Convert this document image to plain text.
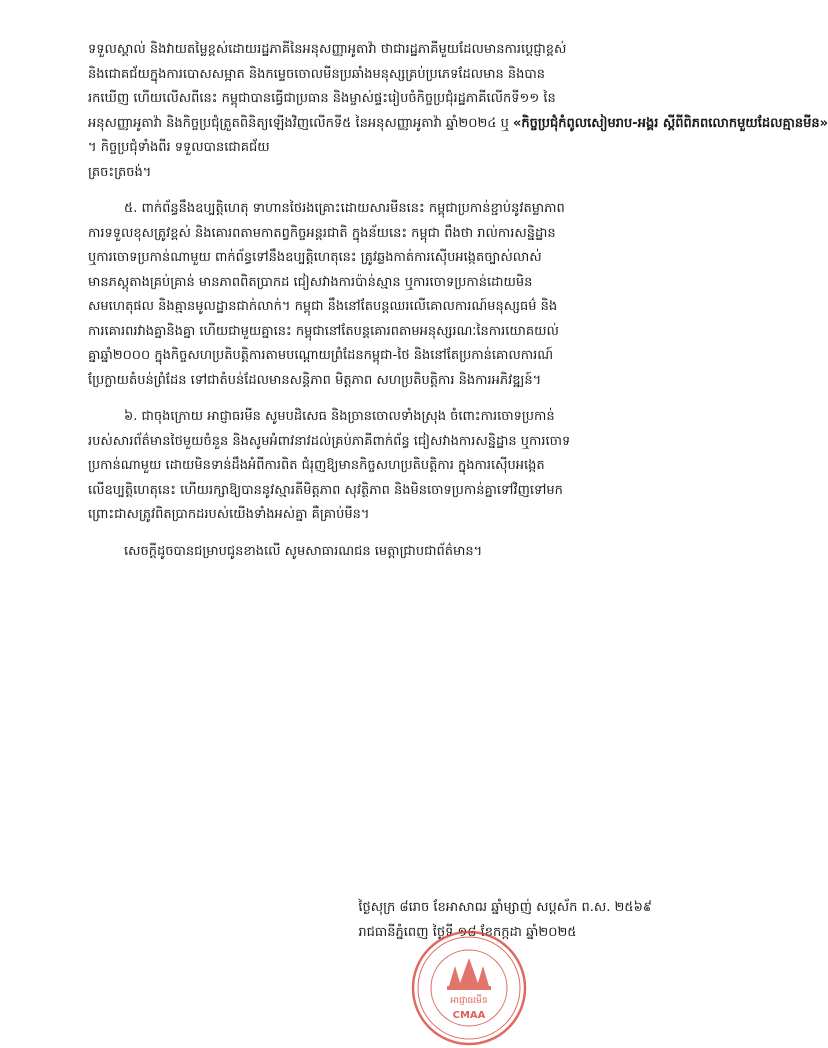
ទទួលស្គាល់ និងវាយតម្លៃខ្ពស់ដោយរដ្ឋភាគីនៃអនុសញ្ញាអូតាវ៉ា ថាជារដ្ឋភាគីមួយដែលមានការប្តេជ្ញាខ្ពស់
និងជោគជ័យក្នុងការបោសសម្អាត និងកម្ទេចចោលមីនប្រឆាំងមនុស្សគ្រប់ប្រភេទដែលមាន និងបាន
រកឃើញ ហើយលើសពីនេះ កម្ពុជាបានធ្វើជាប្រធាន និងម្ចាស់ផ្ទះរៀបចំកិច្ចប្រជុំរដ្ឋភាគីលើកទី១១ នៃ
អនុសញ្ញាអូតាវ៉ា និងកិច្ចប្រជុំត្រួតពិនិត្យឡើងវិញលើកទី៥ នៃអនុសញ្ញាអូតាវ៉ា ឆ្នាំ២០២៤ ឬ «កិច្ចប្រជុំកំពូលសៀមរាប-អង្គរ ស្តីពីពិភពលោកមួយដែលគ្មានមីន»
។ កិច្ចប្រជុំទាំងពីរ ទទួលបានជោគជ័យ
ត្រចះត្រចង់។
៥. ពាក់ព័ន្ធនឹងឧប្បត្តិហេតុ ទាហានថៃរងគ្រោះដោយសារមីននេះ កម្ពុជាប្រកាន់ខ្ជាប់នូវតម្លាភាព
ការទទួលខុសត្រូវខ្ពស់ និងគោរពតាមកាតព្វកិច្ចអន្តរជាតិ ក្នុងន័យនេះ កម្ពុជា ពឹងថា រាល់ការសន្និដ្ឋាន
ឬការចោទប្រកាន់ណាមួយ ពាក់ព័ន្ធទៅនឹងឧប្បត្តិហេតុនេះ ត្រូវឆ្លងកាត់ការស៊ើបអង្កេតច្បាស់លាស់
មានភស្តុតាងគ្រប់គ្រាន់ មានភាពពិតប្រាកដ ជៀសវាងការប៉ាន់ស្មាន ឬការចោទប្រកាន់ដោយមិន
សមហេតុផល និងគ្មានមូលដ្ឋានជាក់លាក់។ កម្ពុជា នឹងនៅតែបន្តឈរលើគោលការណ៍មនុស្សធម៌ និង
ការគោរពរវាងគ្នានិងគ្នា ហើយជាមួយគ្នានេះ កម្ពុជានៅតែបន្តគោរពតាមអនុស្សរណៈនៃការយោគយល់
គ្នាឆ្នាំ២០០០ ក្នុងកិច្ចសហប្រតិបត្តិការតាមបណ្តោយព្រំដែនកម្ពុជា-ថៃ និងនៅតែប្រកាន់គោលការណ៍
ប្រែក្លាយតំបន់ព្រំដែន ទៅជាតំបន់ដែលមានសន្តិភាព មិត្តភាព សហប្រតិបត្តិការ និងការអភិវឌ្ឍន៍។
៦. ជាចុងក្រោយ អាជ្ញាធរមីន សូមបដិសេធ និងច្រានចោលទាំងស្រុង ចំពោះការចោទប្រកាន់
របស់សារព័ត៌មានថៃមួយចំនួន និងសូមអំពាវនាវដល់គ្រប់ភាគីពាក់ព័ន្ធ ជៀសវាងការសន្និដ្ឋាន ឬការចោទ
ប្រកាន់ណាមួយ ដោយមិនទាន់ដឹងអំពីការពិត ជំរុញឱ្យមានកិច្ចសហប្រតិបត្តិការ ក្នុងការស៊ើបអង្កេត
លើឧប្បត្តិហេតុនេះ ហើយរក្សាឱ្យបាននូវស្មារតីមិត្តភាព សុវត្ថិភាព និងមិនចោទប្រកាន់គ្នាទៅវិញទៅមក
ព្រោះជាសត្រូវពិតប្រាកដរបស់យើងទាំងអស់គ្នា គឺគ្រាប់មីន។
សេចក្តីដូចបានជម្រាបជូនខាងលើ សូមសាធារណជន មេត្តាជ្រាបជាព័ត៌មាន។
ថ្ងៃសុក្រ ៨រោច ខែអាសាឍ ឆ្នាំម្សាញ់ សប្តស័ក ព.ស. ២៥៦៩
រាជធានីភ្នំពេញ ថ្ងៃទី ១៨ ខែកក្កដា ឆ្នាំ២០២៥
អាជ្ញាធរមីន
CMAA
